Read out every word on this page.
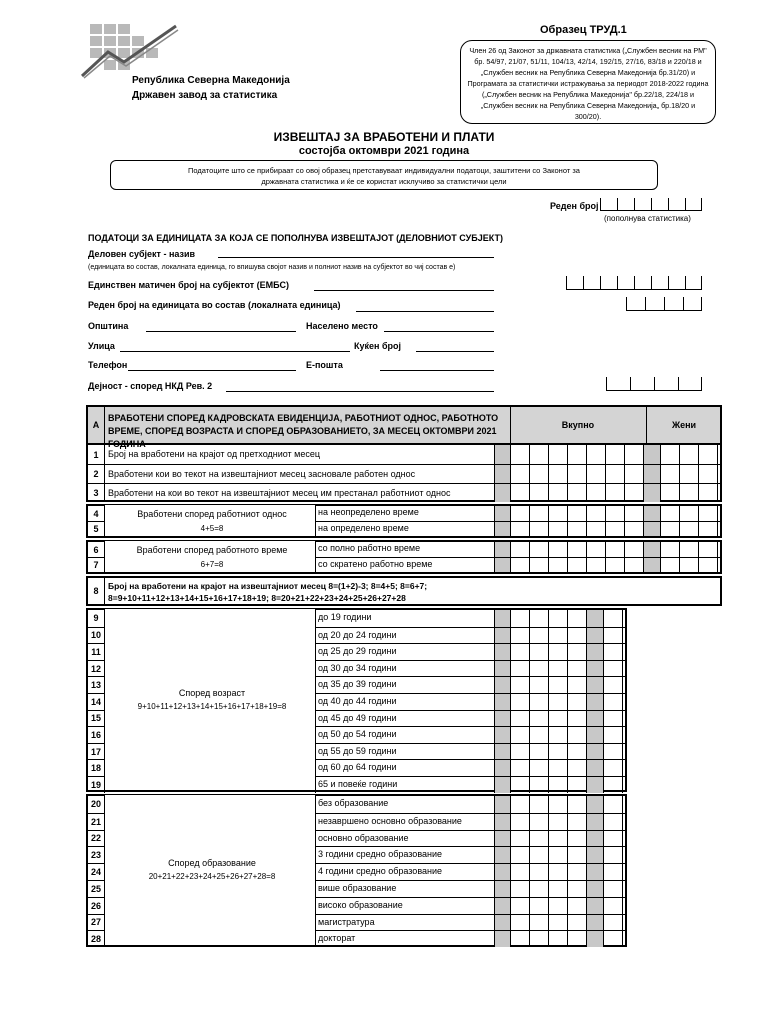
Република Северна Македонија
Државен завод за статистика
Образец ТРУД.1
Член 26 од Законот за државната статистика („Службен весник на РМ" бр. 54/97, 21/07, 51/11, 104/13, 42/14, 192/15, 27/16, 83/18 и 220/18 и „Службен весник на Република Северна Македонија бр.31/20) и Програмата за статистички истражувања за периодот 2018-2022 година („Службен весник на Република Македонија" бр.22/18, 224/18 и „Службен весник на Република Северна Македонија„ бр.18/20 и 300/20).
ИЗВЕШТАЈ ЗА ВРАБОТЕНИ И ПЛАТИ
состојба октомври 2021 година
Податоците што се прибираат со овој образец претставуваат индивидуални податоци, заштитени со Законот за државната статистика и ќе се користат исклучиво за статистички цели
Реден број
(пополнува статистика)
ПОДАТОЦИ ЗА ЕДИНИЦАТА ЗА КОЈА СЕ ПОПОЛНУВА ИЗВЕШТАЈОТ (ДЕЛОВНИОТ СУБЈЕКТ)
Деловен субјект - назив
(единицата во состав, локалната единица, го впишува својот назив и полниот назив на субјектот во чиј состав е)
Единствен матичен број на субјектот (ЕМБС)
Реден број на единицата во состав (локалната единица)
Општина	Населено место
Улица	Куќен број
Телефон	Е-пошта
Дејност - според НКД Рев. 2
А
ВРАБОТЕНИ СПОРЕД КАДРОВСКАТА ЕВИДЕНЦИЈА, РАБОТНИОТ ОДНОС, РАБОТНОТО ВРЕМЕ, СПОРЕД ВОЗРАСТА И СПОРЕД ОБРАЗОВАНИЕТО, ЗА МЕСЕЦ ОКТОМВРИ 2021 ГОДИНА
Вкупно	Жени
1	Број на вработени на крајот од претходниот месец
2	Вработени кои во текот на извештајниот месец засновале работен однос
3	Вработени на кои во текот на извештајниот месец им престанал работниот однос
Вработени според работниот однос
4+5=8
4	на неопределено време
5	на определено време
Вработени според работното време
6+7=8
6	со полно работно време
7	со скратено работно време
8	Број на вработени на крајот на извештајниот месец 8=(1+2)-3; 8=4+5; 8=6+7;
8=9+10+11+12+13+14+15+16+17+18+19; 8=20+21+22+23+24+25+26+27+28
Според возраст
9+10+11+12+13+14+15+16+17+18+19=8
9	до 19 години
10	од 20 до 24 години
11	од 25 до 29 години
12	од 30 до 34 години
13	од 35 до 39 години
14	од 40 до 44 години
15	од 45 до 49 години
16	од 50 до 54 години
17	од 55 до 59 години
18	од 60 до 64 години
19	65 и повеќе години
Според образование
20+21+22+23+24+25+26+27+28=8
20	без образование
21	незавршено основно образование
22	основно образование
23	3 години средно образование
24	4 години средно образование
25	више образование
26	високо образование
27	магистратура
28	докторат
